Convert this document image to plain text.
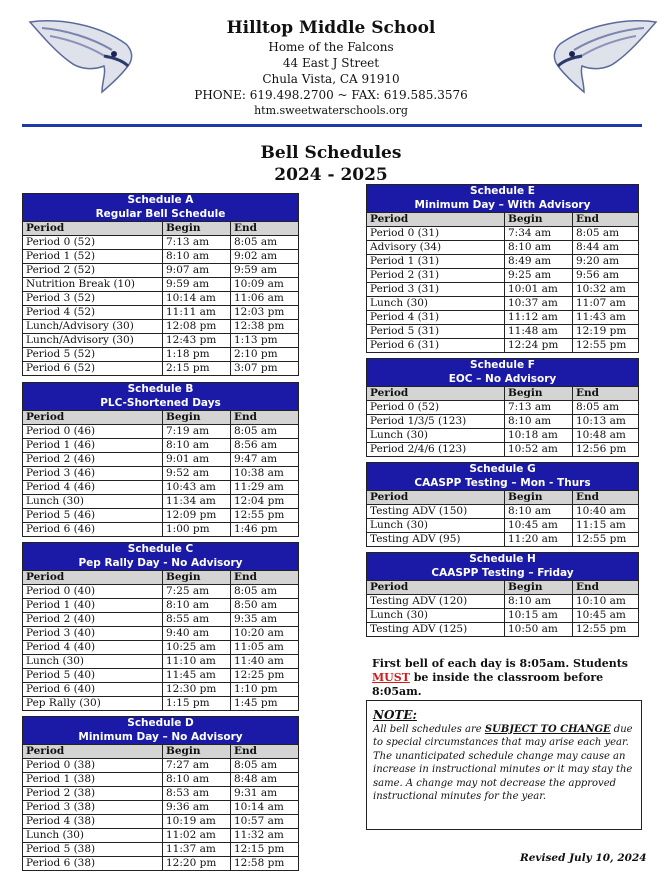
Hilltop Middle School
Home of the Falcons
44 East J Street
Chula Vista, CA 91910
PHONE: 619.498.2700 ~ FAX: 619.585.3576
htm.sweetwaterschools.org
Bell Schedules
2024 - 2025
Schedule A
Regular Bell Schedule		

Period	Begin	End
Period 0 (52)	7:13 am	8:05 am
Period 1 (52)	8:10 am	9:02 am
Period 2 (52)	9:07 am	9:59 am
Nutrition Break (10)	9:59 am	10:09 am
Period 3 (52)	10:14 am	11:06 am
Period 4 (52)	11:11 am	12:03 pm
Lunch/Advisory (30)	12:08 pm	12:38 pm
Lunch/Advisory (30)	12:43 pm	1:13 pm
Period 5 (52)	1:18 pm	2:10 pm
Period 6 (52)	2:15 pm	3:07 pm
Schedule B
PLC-Shortened Days		

Period	Begin	End
Period 0 (46)	7:19 am	8:05 am
Period 1 (46)	8:10 am	8:56 am
Period 2 (46)	9:01 am	9:47 am
Period 3 (46)	9:52 am	10:38 am
Period 4 (46)	10:43 am	11:29 am
Lunch (30)	11:34 am	12:04 pm
Period 5 (46)	12:09 pm	12:55 pm
Period 6 (46)	1:00 pm	1:46 pm
Schedule C
Pep Rally Day - No Advisory		

Period	Begin	End
Period 0 (40)	7:25 am	8:05 am
Period 1 (40)	8:10 am	8:50 am
Period 2 (40)	8:55 am	9:35 am
Period 3 (40)	9:40 am	10:20 am
Period 4 (40)	10:25 am	11:05 am
Lunch (30)	11:10 am	11:40 am
Period 5 (40)	11:45 am	12:25 pm
Period 6 (40)	12:30 pm	1:10 pm
Pep Rally (30)	1:15 pm	1:45 pm
Schedule D
Minimum Day – No Advisory		

Period	Begin	End
Period 0 (38)	7:27 am	8:05 am
Period 1 (38)	8:10 am	8:48 am
Period 2 (38)	8:53 am	9:31 am
Period 3 (38)	9:36 am	10:14 am
Period 4 (38)	10:19 am	10:57 am
Lunch (30)	11:02 am	11:32 am
Period 5 (38)	11:37 am	12:15 pm
Period 6 (38)	12:20 pm	12:58 pm
Schedule E
Minimum Day – With Advisory		

Period	Begin	End
Period 0 (31)	7:34 am	8:05 am
Advisory (34)	8:10 am	8:44 am
Period 1 (31)	8:49 am	9:20 am
Period 2 (31)	9:25 am	9:56 am
Period 3 (31)	10:01 am	10:32 am
Lunch (30)	10:37 am	11:07 am
Period 4 (31)	11:12 am	11:43 am
Period 5 (31)	11:48 am	12:19 pm
Period 6 (31)	12:24 pm	12:55 pm
Schedule F
EOC – No Advisory		

Period	Begin	End
Period 0 (52)	7:13 am	8:05 am
Period 1/3/5 (123)	8:10 am	10:13 am
Lunch (30)	10:18 am	10:48 am
Period 2/4/6 (123)	10:52 am	12:56 pm
Schedule G
CAASPP Testing – Mon - Thurs		

Period	Begin	End
Testing ADV (150)	8:10 am	10:40 am
Lunch (30)	10:45 am	11:15 am
Testing ADV (95)	11:20 am	12:55 pm
Schedule H
CAASPP Testing – Friday		

Period	Begin	End
Testing ADV (120)	8:10 am	10:10 am
Lunch (30)	10:15 am	10:45 am
Testing ADV (125)	10:50 am	12:55 pm
First bell of each day is 8:05am. Students MUST be inside the classroom before 8:05am.
NOTE:
All bell schedules are SUBJECT TO CHANGE due to special circumstances that may arise each year. The unanticipated schedule change may cause an increase in instructional minutes or it may stay the same. A change may not decrease the approved instructional minutes for the year.
Revised July 10, 2024
